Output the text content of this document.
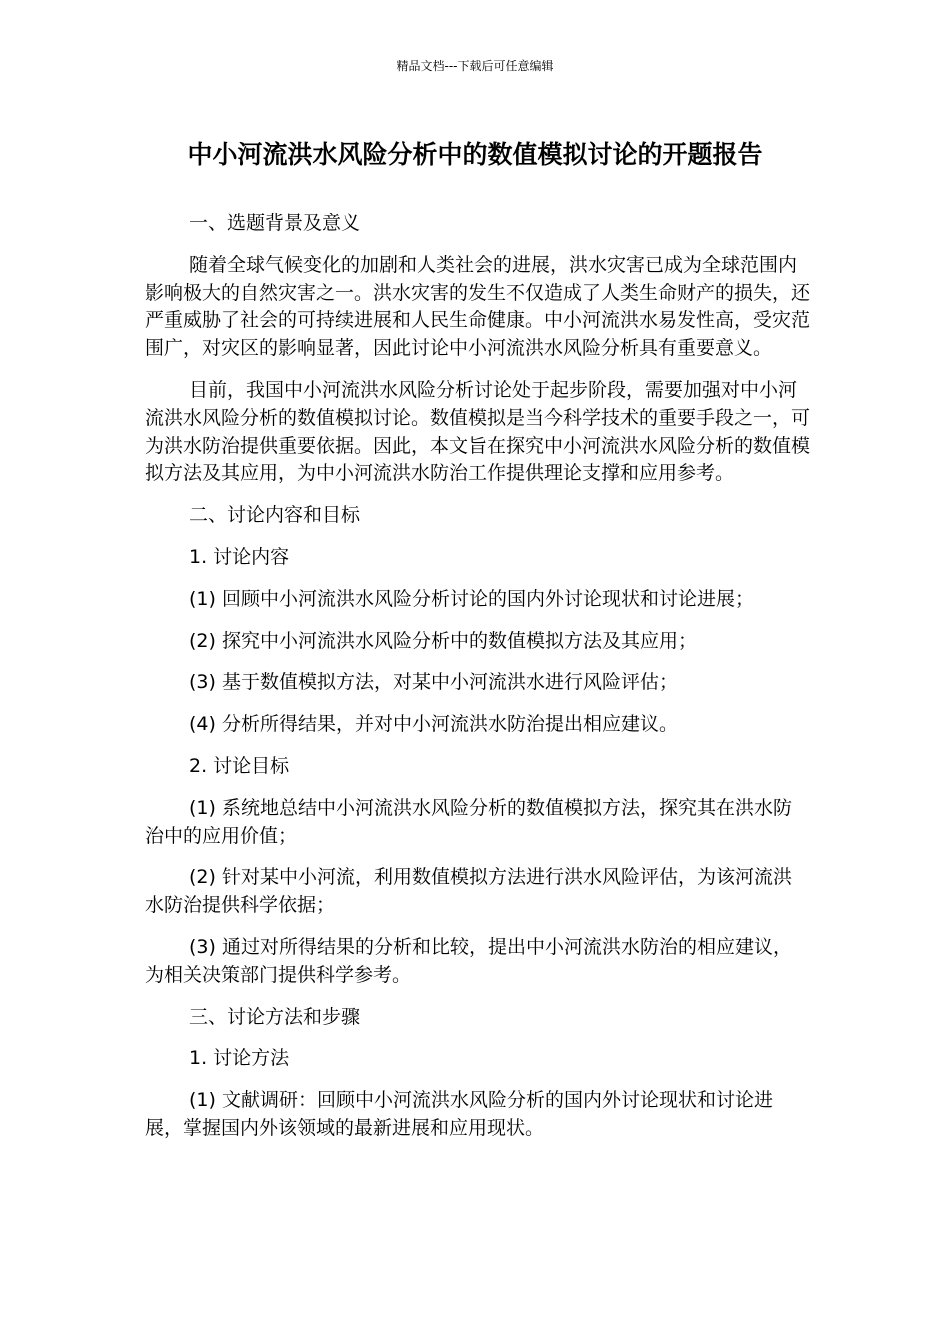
精品文档---下载后可任意编辑
中小河流洪水风险分析中的数值模拟讨论的开题报告

一、选题背景及意义

随着全球气候变化的加剧和人类社会的进展，洪水灾害已成为全球范围内影响极大的自然灾害之一。洪水灾害的发生不仅造成了人类生命财产的损失，还严重威胁了社会的可持续进展和人民生命健康。中小河流洪水易发性高，受灾范围广，对灾区的影响显著，因此讨论中小河流洪水风险分析具有重要意义。

目前，我国中小河流洪水风险分析讨论处于起步阶段，需要加强对中小河流洪水风险分析的数值模拟讨论。数值模拟是当今科学技术的重要手段之一，可为洪水防治提供重要依据。因此，本文旨在探究中小河流洪水风险分析的数值模拟方法及其应用，为中小河流洪水防治工作提供理论支撑和应用参考。

二、讨论内容和目标

1. 讨论内容

(1) 回顾中小河流洪水风险分析讨论的国内外讨论现状和讨论进展；

(2) 探究中小河流洪水风险分析中的数值模拟方法及其应用；

(3) 基于数值模拟方法，对某中小河流洪水进行风险评估；

(4) 分析所得结果，并对中小河流洪水防治提出相应建议。

2. 讨论目标

(1) 系统地总结中小河流洪水风险分析的数值模拟方法，探究其在洪水防治中的应用价值；

(2) 针对某中小河流，利用数值模拟方法进行洪水风险评估，为该河流洪水防治提供科学依据；

(3) 通过对所得结果的分析和比较，提出中小河流洪水防治的相应建议，为相关决策部门提供科学参考。

三、讨论方法和步骤

1. 讨论方法

(1) 文献调研：回顾中小河流洪水风险分析的国内外讨论现状和讨论进展，掌握国内外该领域的最新进展和应用现状。
